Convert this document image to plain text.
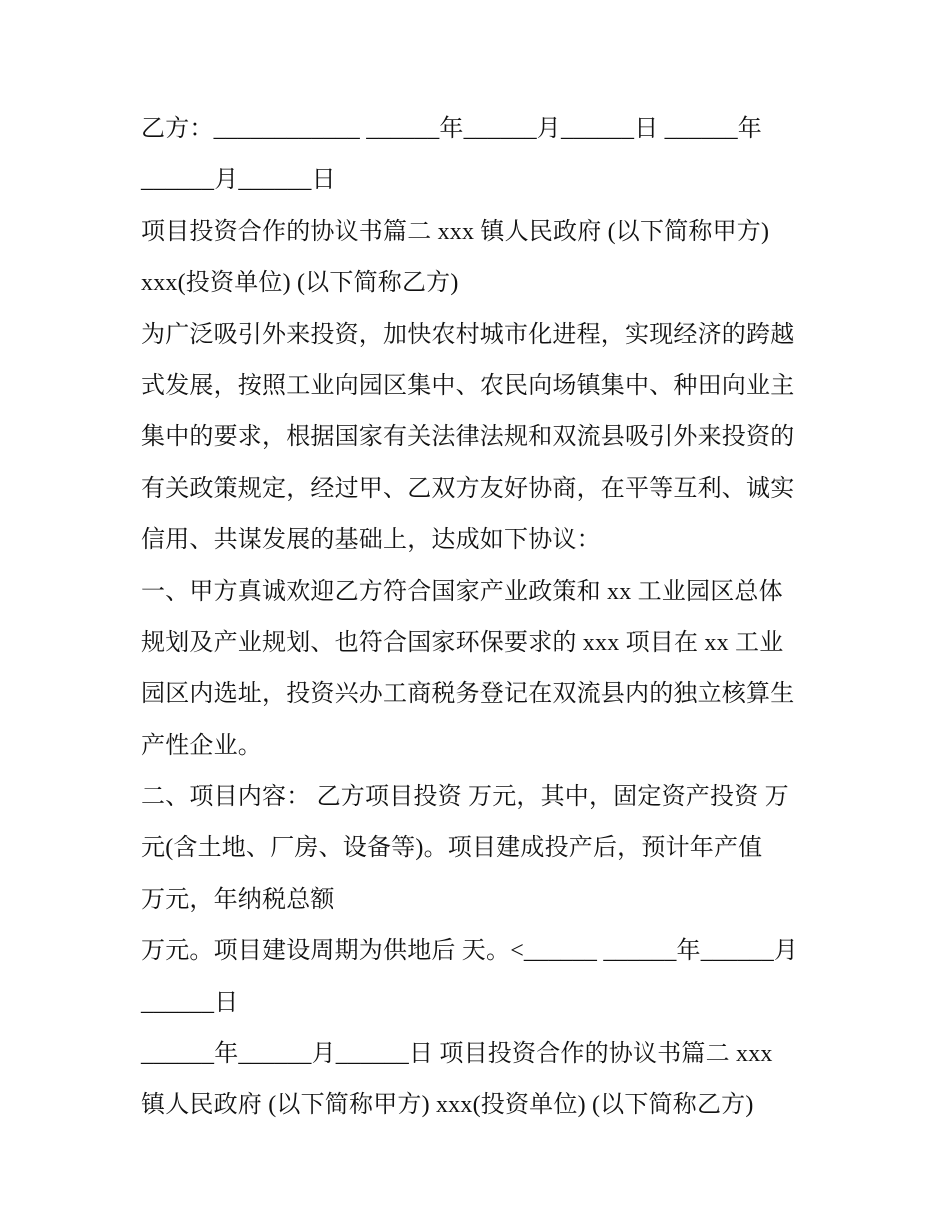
乙方：____________ ______年______月______日 ______年
______月______日
项目投资合作的协议书篇二 xxx 镇人民政府 (以下简称甲方)
xxx(投资单位) (以下简称乙方)
为广泛吸引外来投资，加快农村城市化进程，实现经济的跨越
式发展，按照工业向园区集中、农民向场镇集中、种田向业主
集中的要求，根据国家有关法律法规和双流县吸引外来投资的
有关政策规定，经过甲、乙双方友好协商，在平等互利、诚实
信用、共谋发展的基础上，达成如下协议：
一、甲方真诚欢迎乙方符合国家产业政策和 xx 工业园区总体
规划及产业规划、也符合国家环保要求的 xxx 项目在 xx 工业
园区内选址，投资兴办工商税务登记在双流县内的独立核算生
产性企业。
二、项目内容： 乙方项目投资 万元，其中，固定资产投资 万
元(含土地、厂房、设备等)。项目建成投产后，预计年产值
万元，年纳税总额
万元。项目建设周期为供地后 天。<______ ______年______月
______日
______年______月______日 项目投资合作的协议书篇二 xxx
镇人民政府 (以下简称甲方) xxx(投资单位) (以下简称乙方)
